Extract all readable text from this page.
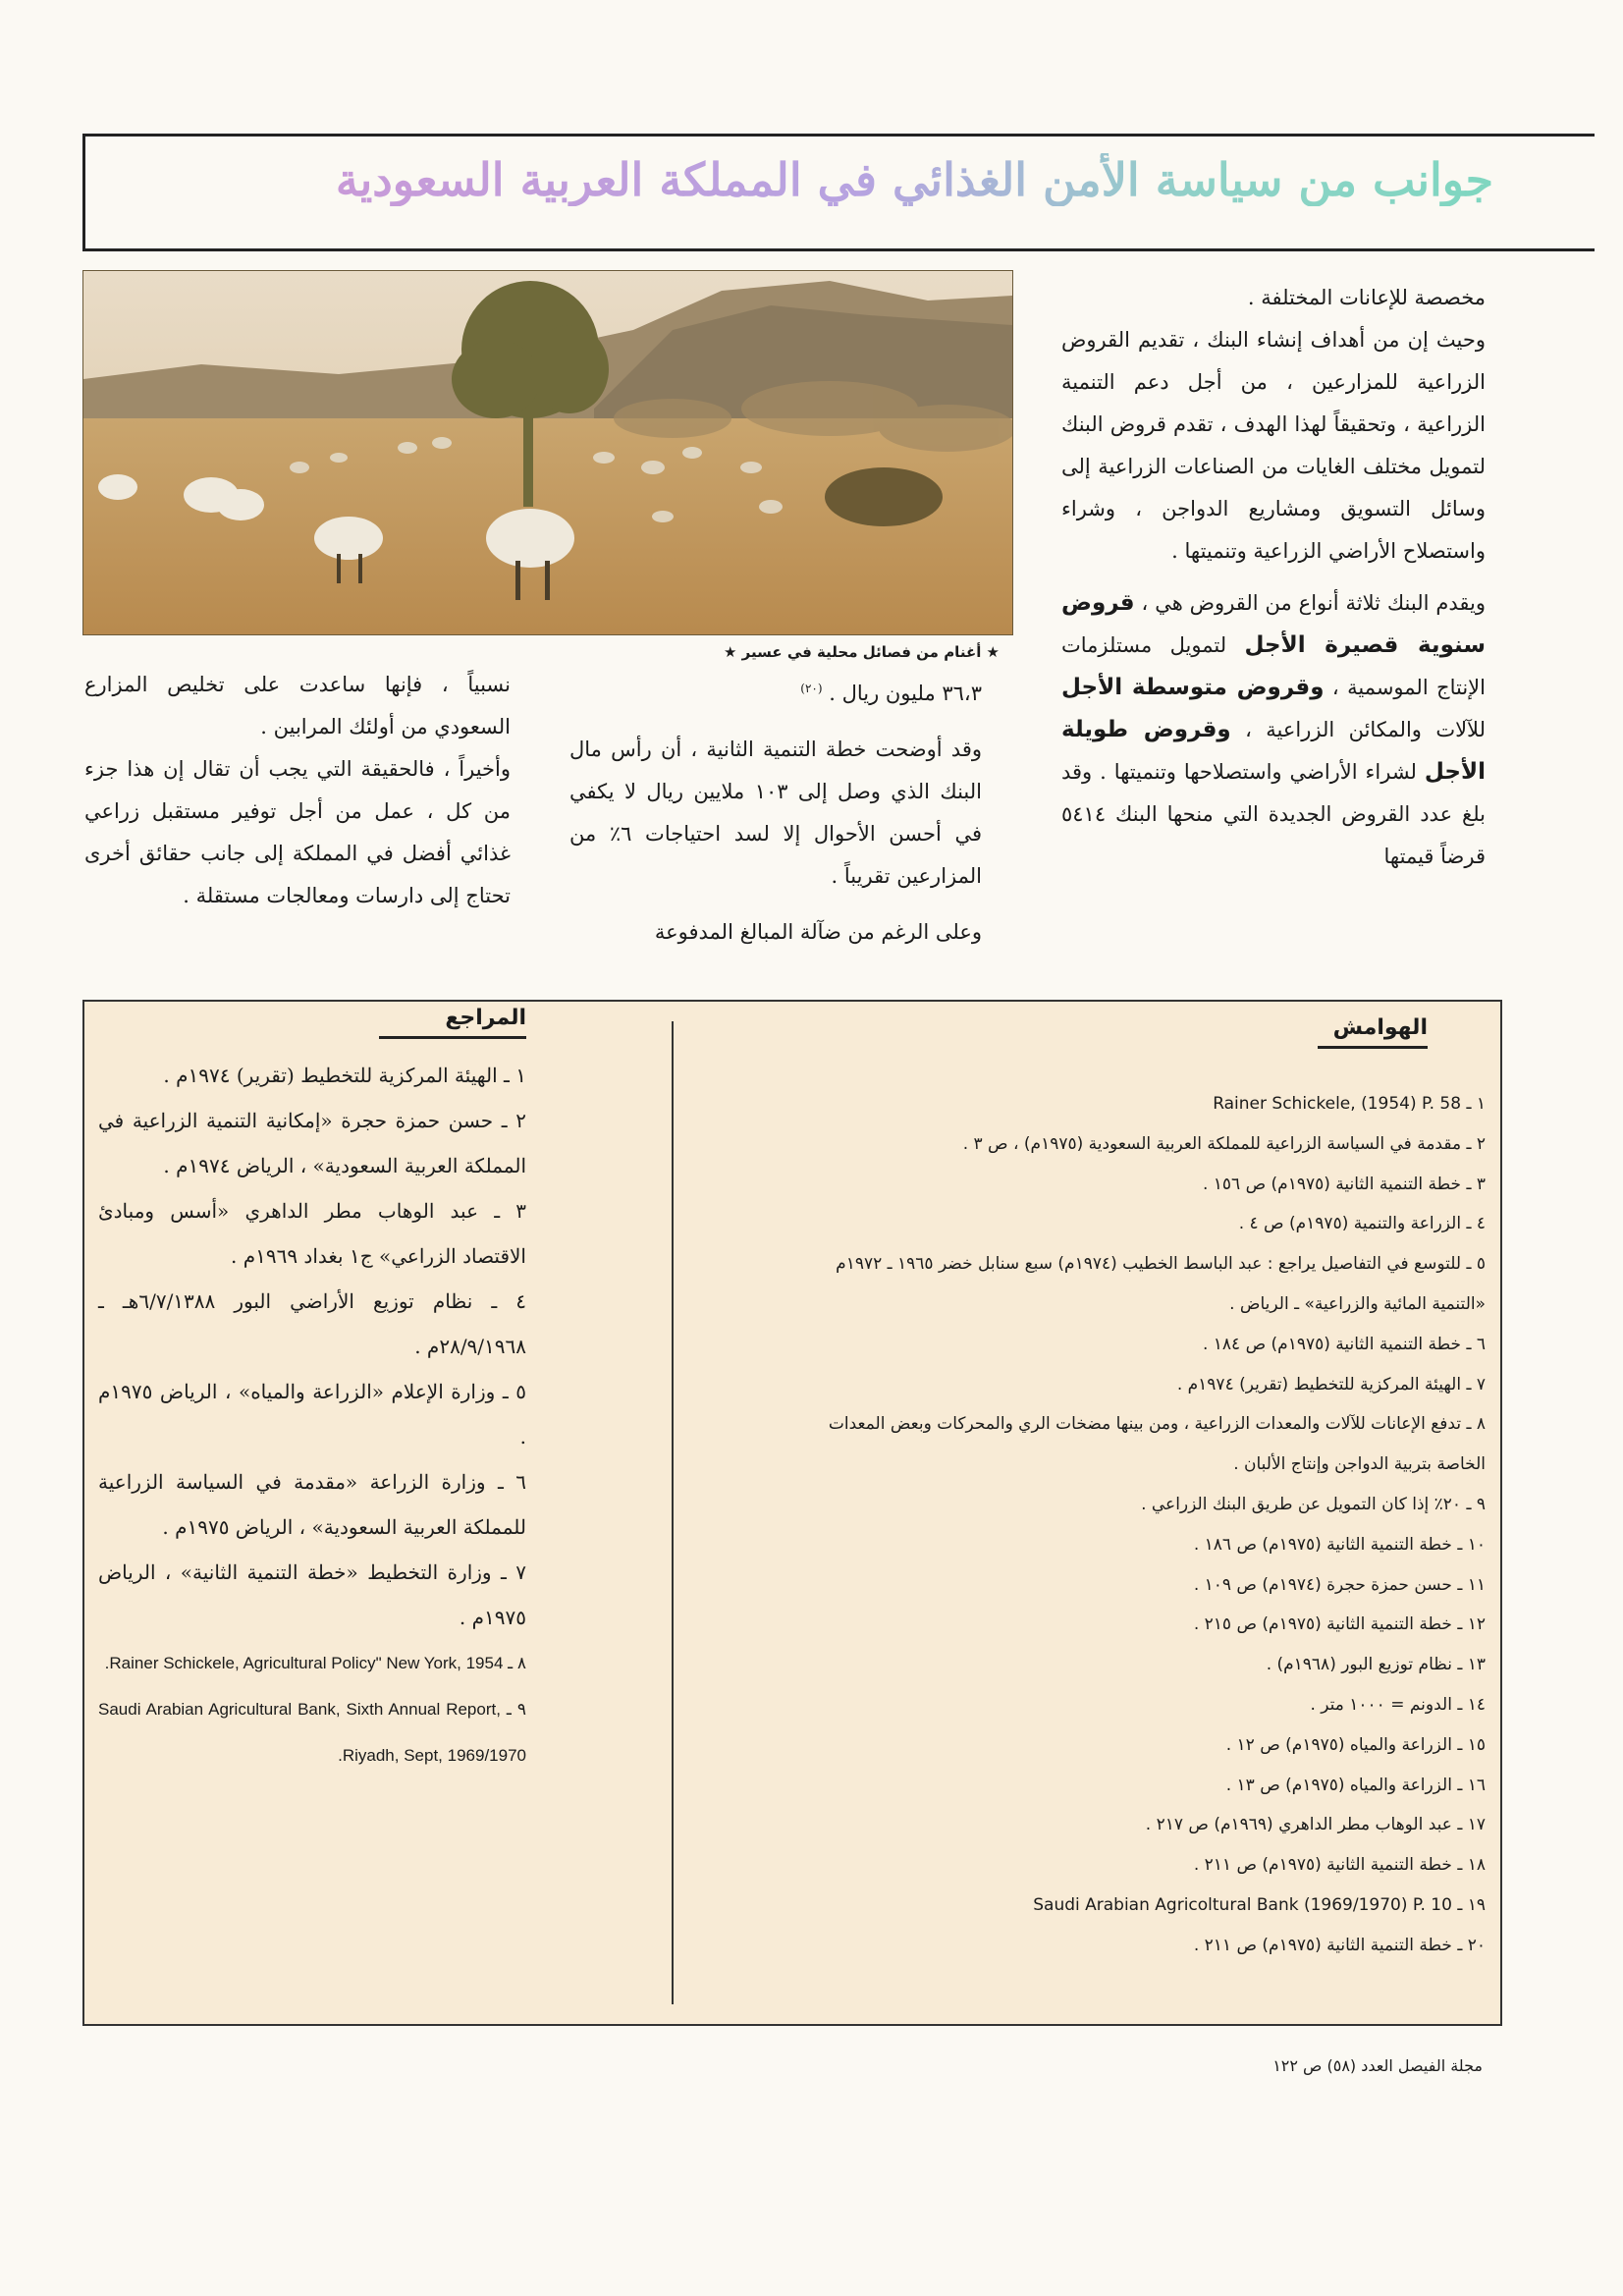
جوانب من سياسة الأمن الغذائي في المملكة العربية السعودية
★ أغنام من فصائل محلية في عسير ★

مخصصة للإعانات المختلفة .

وحيث إن من أهداف إنشاء البنك ، تقديم القروض الزراعية للمزارعين ، من أجل دعم التنمية الزراعية ، وتحقيقاً لهذا الهدف ، تقدم قروض البنك لتمويل مختلف الغايات من الصناعات الزراعية إلى وسائل التسويق ومشاريع الدواجن ، وشراء واستصلاح الأراضي الزراعية وتنميتها .

ويقدم البنك ثلاثة أنواع من القروض هي ، قروض سنوية قصيرة الأجل لتمويل مستلزمات الإنتاج الموسمية ، وقروض متوسطة الأجل للآلات والمكائن الزراعية ، وقروض طويلة الأجل لشراء الأراضي واستصلاحها وتنميتها . وقد بلغ عدد القروض الجديدة التي منحها البنك ٥٤١٤ قرضاً قيمتها

٣٦،٣ مليون ريال . $^{(٢٠)}$

وقد أوضحت خطة التنمية الثانية ، أن رأس مال البنك الذي وصل إلى ١٠٣ ملايين ريال لا يكفي في أحسن الأحوال إلا لسد احتياجات ٦٪ من المزارعين تقريباً .

وعلى الرغم من ضآلة المبالغ المدفوعة

نسبياً ، فإنها ساعدت على تخليص المزارع السعودي من أولئك المرابين .

وأخيراً ، فالحقيقة التي يجب أن تقال إن هذا جزء من كل ، عمل من أجل توفير مستقبل زراعي غذائي أفضل في المملكة إلى جانب حقائق أخرى تحتاج إلى دارسات ومعالجات مستقلة .

الهوامش
المراجع
١ ـ Rainer Schickele, (1954) P. 58
٢ ـ مقدمة في السياسة الزراعية للمملكة العربية السعودية (١٩٧٥م) ، ص ٣ .
٣ ـ خطة التنمية الثانية (١٩٧٥م) ص ١٥٦ .
٤ ـ الزراعة والتنمية (١٩٧٥م) ص ٤ .
٥ ـ للتوسع في التفاصيل يراجع : عبد الباسط الخطيب (١٩٧٤م) سبع سنابل خضر ١٩٦٥ ـ ١٩٧٢م «التنمية المائية والزراعية» ـ الرياض .
٦ ـ خطة التنمية الثانية (١٩٧٥م) ص ١٨٤ .
٧ ـ الهيئة المركزية للتخطيط (تقرير) ١٩٧٤م .
٨ ـ تدفع الإعانات للآلات والمعدات الزراعية ، ومن بينها مضخات الري والمحركات وبعض المعدات الخاصة بتربية الدواجن وإنتاج الألبان .
٩ ـ ٢٠٪ إذا كان التمويل عن طريق البنك الزراعي .
١٠ ـ خطة التنمية الثانية (١٩٧٥م) ص ١٨٦ .
١١ ـ حسن حمزة حجرة (١٩٧٤م) ص ١٠٩ .
١٢ ـ خطة التنمية الثانية (١٩٧٥م) ص ٢١٥ .
١٣ ـ نظام توزيع البور (١٩٦٨م) .
١٤ ـ الدونم = ١٠٠٠ متر .
١٥ ـ الزراعة والمياه (١٩٧٥م) ص ١٢ .
١٦ ـ الزراعة والمياه (١٩٧٥م) ص ١٣ .
١٧ ـ عبد الوهاب مطر الداهري (١٩٦٩م) ص ٢١٧ .
١٨ ـ خطة التنمية الثانية (١٩٧٥م) ص ٢١١ .
١٩ ـ Saudi Arabian Agricoltural Bank (1969/1970) P. 10
٢٠ ـ خطة التنمية الثانية (١٩٧٥م) ص ٢١١ .
١ ـ الهيئة المركزية للتخطيط (تقرير) ١٩٧٤م .
٢ ـ حسن حمزة حجرة «إمكانية التنمية الزراعية في المملكة العربية السعودية» ، الرياض ١٩٧٤م .
٣ ـ عبد الوهاب مطر الداهري «أسس ومبادئ الاقتصاد الزراعي» ج١ بغداد ١٩٦٩م .
٤ ـ نظام توزيع الأراضي البور ٦/٧/١٣٨٨هـ ـ ٢٨/٩/١٩٦٨م .
٥ ـ وزارة الإعلام «الزراعة والمياه» ، الرياض ١٩٧٥م .
٦ ـ وزارة الزراعة «مقدمة في السياسة الزراعية للمملكة العربية السعودية» ، الرياض ١٩٧٥م .
٧ ـ وزارة التخطيط «خطة التنمية الثانية» ، الرياض ١٩٧٥م .
٨ ـ Rainer Schickele, Agricultural Policy" New York, 1954.
٩ ـ Saudi Arabian Agricultural Bank, Sixth Annual Report, Riyadh, Sept, 1969/1970.
مجلة الفيصل العدد (٥٨) ص ١٢٢
